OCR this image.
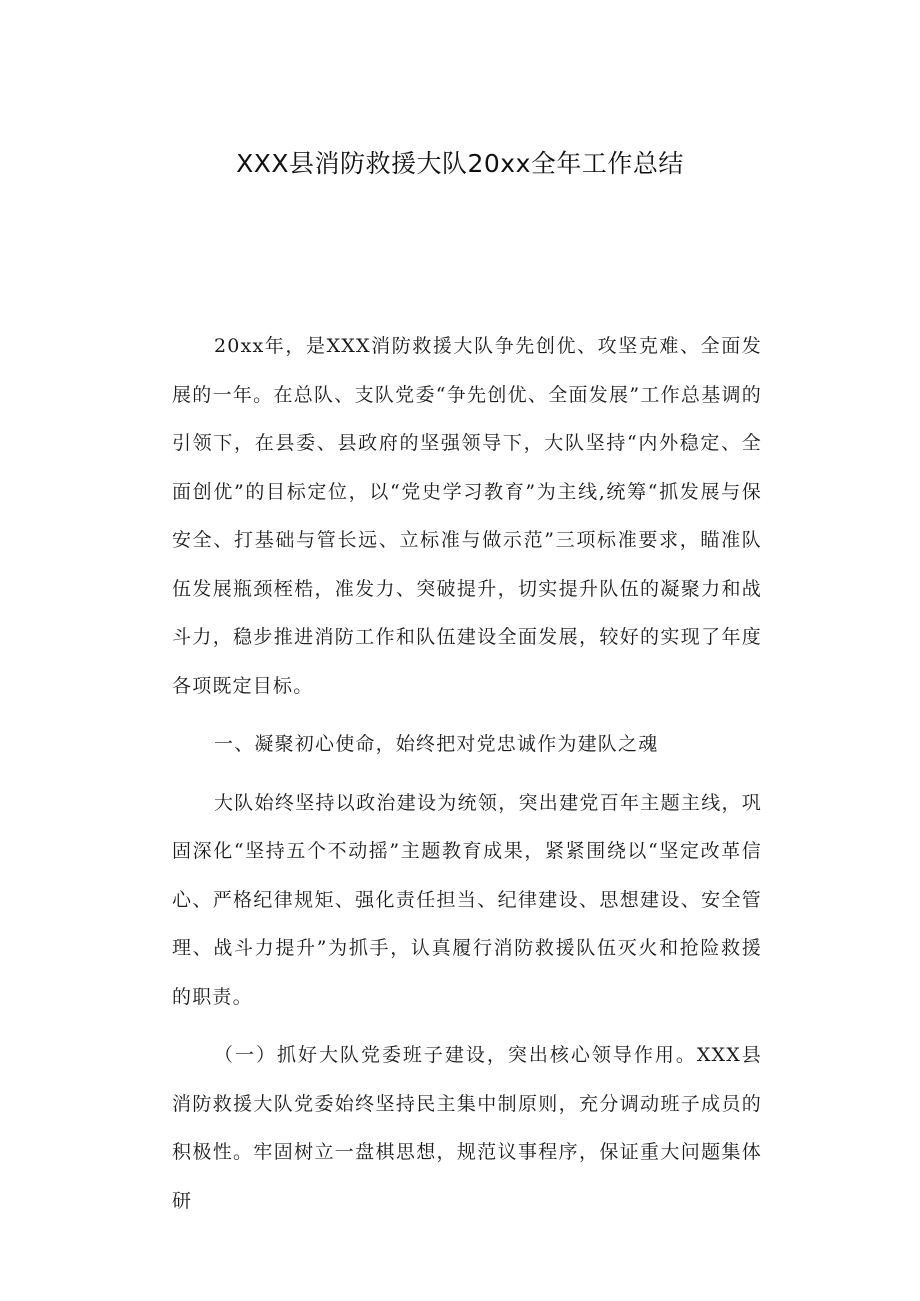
XXX县消防救援大队20xx全年工作总结

20xx年，是XXX消防救援大队争先创优、攻坚克难、全面发展的一年。在总队、支队党委“争先创优、全面发展”工作总基调的引领下，在县委、县政府的坚强领导下，大队坚持“内外稳定、全面创优”的目标定位，以“党史学习教育”为主线,统筹“抓发展与保安全、打基础与管长远、立标准与做示范”三项标准要求，瞄准队伍发展瓶颈桎梏，准发力、突破提升，切实提升队伍的凝聚力和战斗力，稳步推进消防工作和队伍建设全面发展，较好的实现了年度各项既定目标。

一、凝聚初心使命，始终把对党忠诚作为建队之魂

大队始终坚持以政治建设为统领，突出建党百年主题主线，巩固深化“坚持五个不动摇”主题教育成果，紧紧围绕以“坚定改革信心、严格纪律规矩、强化责任担当、纪律建设、思想建设、安全管理、战斗力提升”为抓手，认真履行消防救援队伍灭火和抢险救援的职责。

（一）抓好大队党委班子建设，突出核心领导作用。XXX县消防救援大队党委始终坚持民主集中制原则，充分调动班子成员的积极性。牢固树立一盘棋思想，规范议事程序，保证重大问题集体研
